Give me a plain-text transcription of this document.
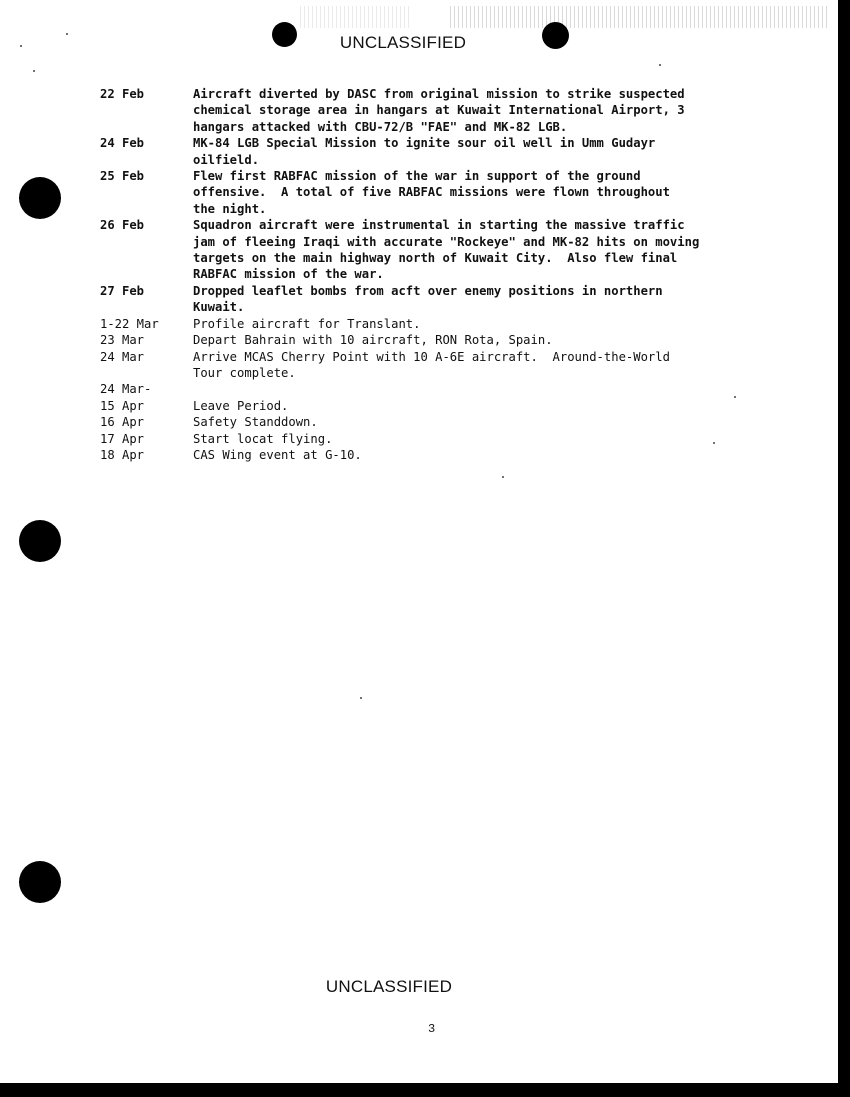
UNCLASSIFIED
22 Feb	Aircraft diverted by DASC from original mission to strike suspected
chemical storage area in hangars at Kuwait International Airport, 3
hangars attacked with CBU-72/B "FAE" and MK-82 LGB.
24 Feb	MK-84 LGB Special Mission to ignite sour oil well in Umm Gudayr
oilfield.
25 Feb	Flew first RABFAC mission of the war in support of the ground
offensive.  A total of five RABFAC missions were flown throughout
the night.
26 Feb	Squadron aircraft were instrumental in starting the massive traffic
jam of fleeing Iraqi with accurate "Rockeye" and MK-82 hits on moving
targets on the main highway north of Kuwait City.  Also flew final
RABFAC mission of the war.
27 Feb	Dropped leaflet bombs from acft over enemy positions in northern
Kuwait.
1-22 Mar	Profile aircraft for Translant.
23 Mar	Depart Bahrain with 10 aircraft, RON Rota, Spain.
24 Mar	Arrive MCAS Cherry Point with 10 A-6E aircraft.  Around-the-World
Tour complete.
24 Mar-
15 Apr	Leave Period.
16 Apr	Safety Standdown.
17 Apr	Start locat flying.
18 Apr	CAS Wing event at G-10.
UNCLASSIFIED
3
